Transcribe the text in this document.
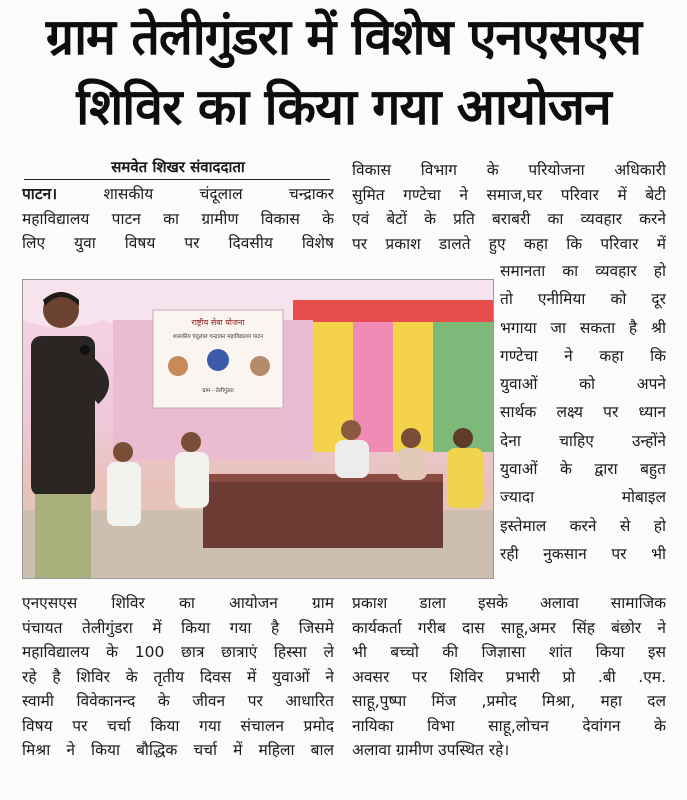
ग्राम तेलीगुंडरा में विशेष एनएसएस
शिविर का किया गया आयोजन
समवेत शिखर संवाददाता
पाटन। शासकीय चंदूलाल चन्द्राकर
महाविद्यालय पाटन का ग्रामीण विकास के
लिए युवा विषय पर दिवसीय विशेष
विकास विभाग के परियोजना अधिकारी
सुमित गण्टेचा ने समाज,घर परिवार में बेटी
एवं बेटों के प्रति बराबरी का व्यवहार करने
पर प्रकाश डालते हुए कहा कि परिवार में
समानता का व्यवहार हो
तो एनीमिया को दूर
भगाया जा सकता है श्री
गण्टेचा ने कहा कि
युवाओं को अपने
सार्थक लक्ष्य पर ध्यान
देना चाहिए उन्होंने
युवाओं के द्वारा बहुत
ज्यादा मोबाइल
इस्तेमाल करने से हो
रही नुकसान पर भी
राष्ट्रीय सेवा योजना
शासकीय चंदूलाल चन्द्राकर महाविद्यालय पाटन
ग्राम - तेलीगुंडरा
एनएसएस शिविर का आयोजन ग्राम
पंचायत तेलीगुंडरा में किया गया है जिसमे
महाविद्यालय के 100 छात्र छात्राएं हिस्सा ले
रहे है शिविर के तृतीय दिवस में युवाओं ने
स्वामी विवेकानन्द के जीवन पर आधारित
विषय पर चर्चा किया गया संचालन प्रमोद
मिश्रा ने किया बौद्धिक चर्चा में महिला बाल
प्रकाश डाला इसके अलावा सामाजिक
कार्यकर्ता गरीब दास साहू,अमर सिंह बंछोर ने
भी बच्चो की जिज्ञासा शांत किया इस
अवसर पर शिविर प्रभारी प्रो .बी .एम.
साहू,पुष्पा मिंज ,प्रमोद मिश्रा, महा दल
नायिका विभा साहू,लोचन देवांगन के
अलावा ग्रामीण उपस्थित रहे।
